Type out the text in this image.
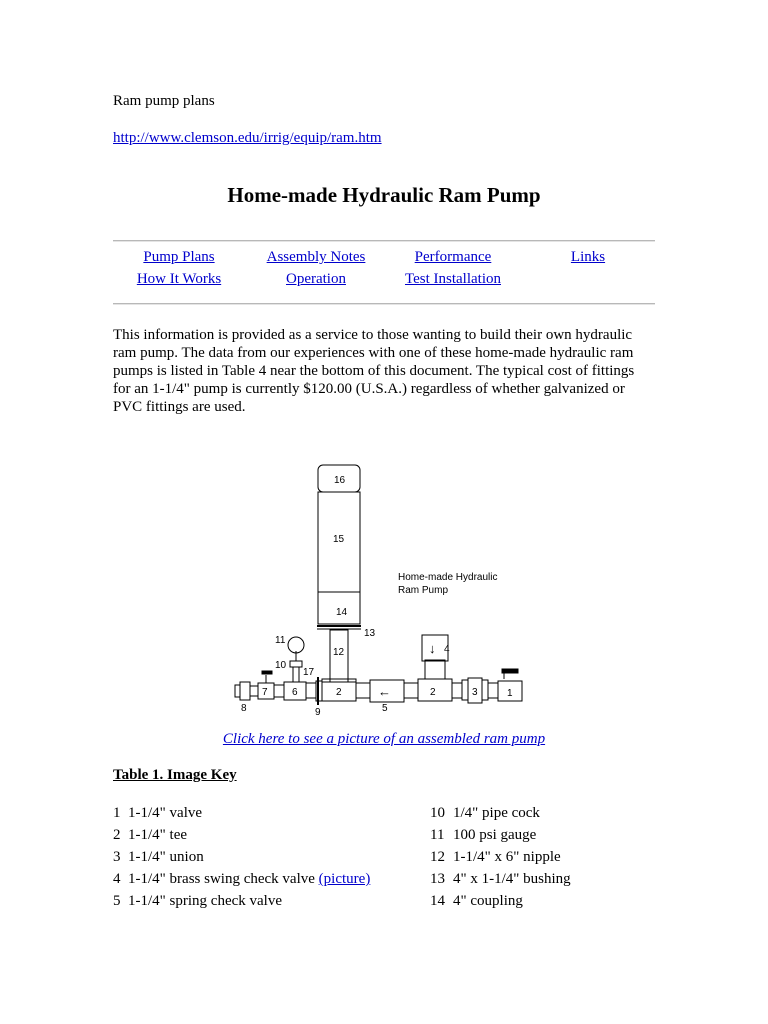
Ram pump plans
http://www.clemson.edu/irrig/equip/ram.htm
Home-made Hydraulic Ram Pump
Pump Plans	Assembly Notes	Performance	Links
How It Works	Operation	Test Installation
This information is provided as a service to those wanting to build their own hydraulic
ram pump. The data from our experiences with one of these home-made hydraulic ram
pumps is listed in Table 4 near the bottom of this document. The typical cost of fittings
for an 1-1/4" pump is currently $120.00 (U.S.A.) regardless of whether galvanized or
PVC fittings are used.
16
15
14
13
12
11
10
17
7 6	2	2	3	1
4
8	9	5
←
↓
Home-made Hydraulic
Ram Pump
Click here to see a picture of an assembled ram pump
Table 1. Image Key
1 1-1/4" valve
2 1-1/4" tee
3 1-1/4" union
4 1-1/4" brass swing check valve (picture)
5 1-1/4" spring check valve
10 1/4" pipe cock
11 100 psi gauge
12 1-1/4" x 6" nipple
13 4" x 1-1/4" bushing
14 4" coupling
